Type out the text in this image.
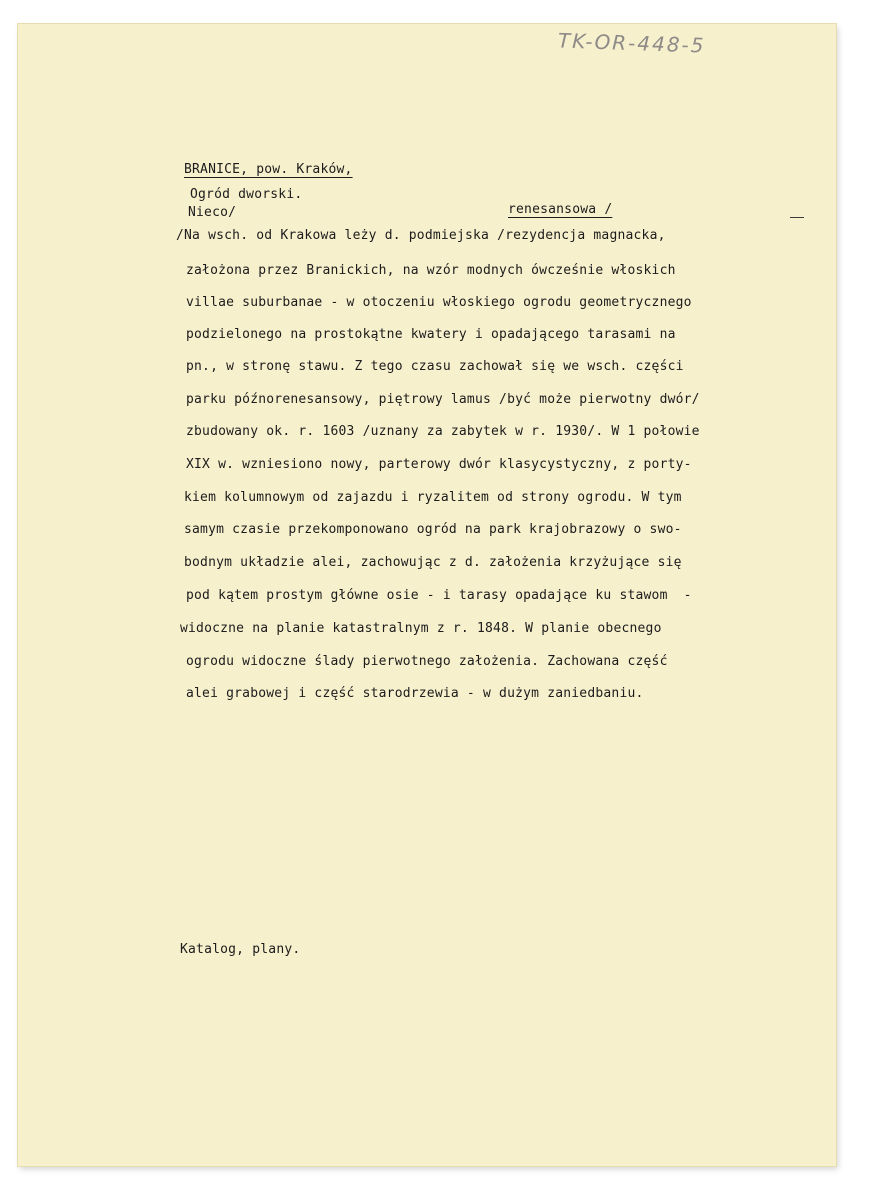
TK-OR-448-5
BRANICE, pow. Kraków,
Ogród dworski.
Nieco/	renesansowa /
/Na wsch. od Krakowa leży d. podmiejska /rezydencja magnacka,
założona przez Branickich, na wzór modnych ówcześnie włoskich
villae suburbanae - w otoczeniu włoskiego ogrodu geometrycznego
podzielonego na prostokątne kwatery i opadającego tarasami na
pn., w stronę stawu. Z tego czasu zachował się we wsch. części
parku późnorenesansowy, piętrowy lamus /być może pierwotny dwór/
zbudowany ok. r. 1603 /uznany za zabytek w r. 1930/. W 1 połowie
XIX w. wzniesiono nowy, parterowy dwór klasycystyczny, z porty-
kiem kolumnowym od zajazdu i ryzalitem od strony ogrodu. W tym
samym czasie przekomponowano ogród na park krajobrazowy o swo-
bodnym układzie alei, zachowując z d. założenia krzyżujące się
pod kątem prostym główne osie - i tarasy opadające ku stawom  -
widoczne na planie katastralnym z r. 1848. W planie obecnego
ogrodu widoczne ślady pierwotnego założenia. Zachowana część
alei grabowej i część starodrzewia - w dużym zaniedbaniu.
Katalog, plany.
